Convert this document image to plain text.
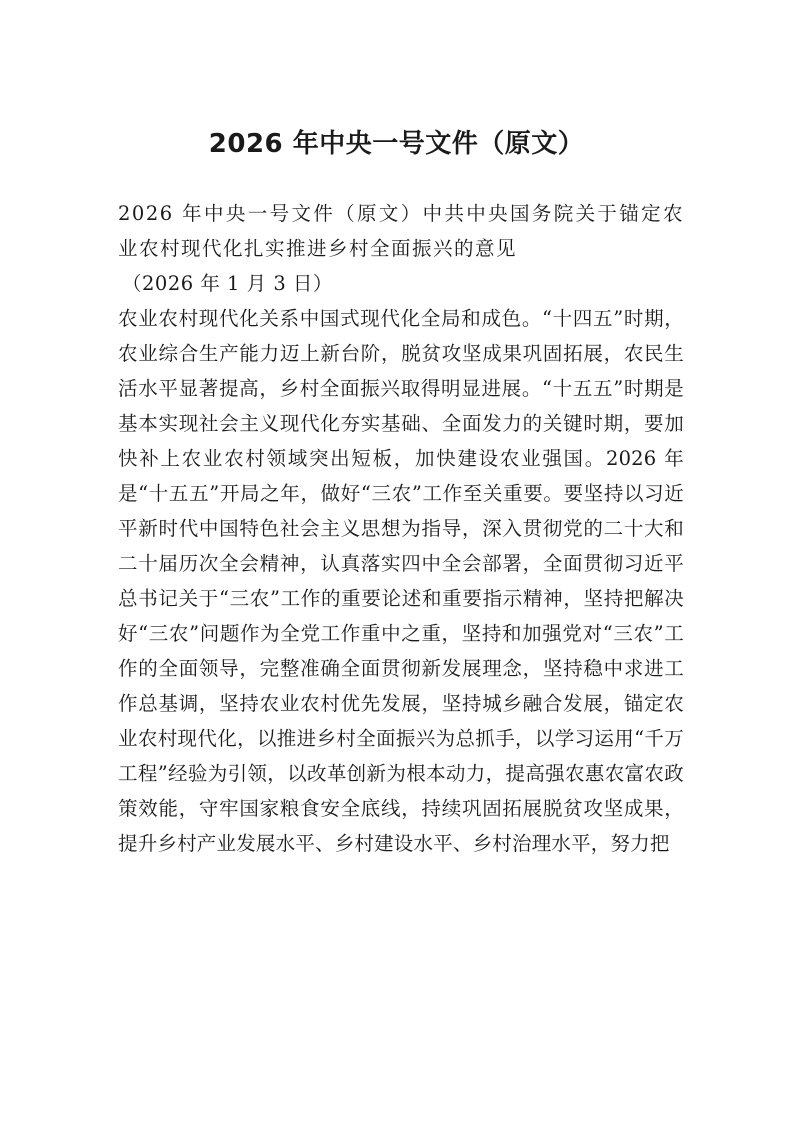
2026 年中央一号文件（原文）

2026 年中央一号文件（原文）中共中央国务院关于锚定农业农村现代化扎实推进乡村全面振兴的意见

（2026 年 1 月 3 日）

农业农村现代化关系中国式现代化全局和成色。“十四五”时期，农业综合生产能力迈上新台阶，脱贫攻坚成果巩固拓展，农民生活水平显著提高，乡村全面振兴取得明显进展。“十五五”时期是基本实现社会主义现代化夯实基础、全面发力的关键时期，要加快补上农业农村领域突出短板，加快建设农业强国。2026 年是“十五五”开局之年，做好“三农”工作至关重要。要坚持以习近平新时代中国特色社会主义思想为指导，深入贯彻党的二十大和二十届历次全会精神，认真落实四中全会部署，全面贯彻习近平总书记关于“三农”工作的重要论述和重要指示精神，坚持把解决好“三农”问题作为全党工作重中之重，坚持和加强党对“三农”工作的全面领导，完整准确全面贯彻新发展理念，坚持稳中求进工作总基调，坚持农业农村优先发展，坚持城乡融合发展，锚定农业农村现代化，以推进乡村全面振兴为总抓手，以学习运用“千万工程”经验为引领，以改革创新为根本动力，提高强农惠农富农政策效能，守牢国家粮食安全底线，持续巩固拓展脱贫攻坚成果，提升乡村产业发展水平、乡村建设水平、乡村治理水平，努力把
